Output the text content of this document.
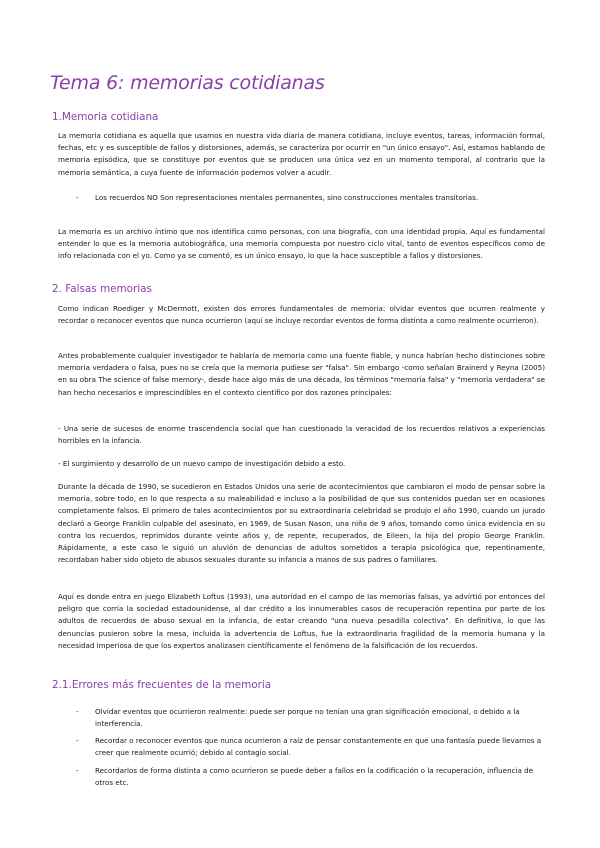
Tema 6: memorias cotidianas
1.Memoria cotidiana

La memoria cotidiana es aquella que usamos en nuestra vida diaria de manera cotidiana, incluye eventos, tareas, información formal, fechas, etc y es susceptible de fallos y distorsiones, además, se caracteriza por ocurrir en "un único ensayo". Así, estamos hablando de memoria episódica, que se constituye por eventos que se producen una única vez en un momento temporal, al contrario que la memoria semántica, a cuya fuente de información podemos volver a acudir.

- Los recuerdos NO Son representaciones mentales permanentes, sino construcciones mentales transitorias.

La memoria es un archivo íntimo que nos identifica como personas, con una biografía, con una identidad propia. Aquí es fundamental entender lo que es la memoria autobiográfica, una memoria compuesta por nuestro ciclo vital, tanto de eventos específicos como de info relacionada con el yo. Como ya se comentó, es un único ensayo, lo que la hace susceptible a fallos y distorsiones.

2. Falsas memorias

Como indican Roediger y McDermott, existen dos errores fundamentales de memoria: olvidar eventos que ocurren realmente y recordar o reconocer eventos que nunca ocurrieron (aquí se incluye recordar eventos de forma distinta a como realmente ocurrieron).

Antes probablemente cualquier investigador te hablaría de memoria como una fuente fiable, y nunca habrían hecho distinciones sobre memoria verdadera o falsa, pues no se creía que la memoria pudiese ser "falsa". Sin embargo -como señalan Brainerd y Reyna (2005) en su obra The science of false memory-, desde hace algo más de una década, los términos "memoria falsa" y "memoria verdadera" se han hecho necesarios e imprescindibles en el contexto científico por dos razones principales:

- Una serie de sucesos de enorme trascendencia social que han cuestionado la veracidad de los recuerdos relativos a experiencias horribles en la infancia.

- El surgimiento y desarrollo de un nuevo campo de investigación debido a esto.

Durante la década de 1990, se sucedieron en Estados Unidos una serie de acontecimientos que cambiaron el modo de pensar sobre la memoria, sobre todo, en lo que respecta a su maleabilidad e incluso a la posibilidad de que sus contenidos puedan ser en ocasiones completamente falsos. El primero de tales acontecimientos por su extraordinaria celebridad se produjo el año 1990, cuando un jurado declaró a George Franklin culpable del asesinato, en 1969, de Susan Nason, una niña de 9 años, tomando como única evidencia en su contra los recuerdos, reprimidos durante veinte años y, de repente, recuperados, de Eileen, la hija del propio George Franklin. Rápidamente, a este caso le siguió un aluvión de denuncias de adultos sometidos a terapia psicológica que, repentinamente, recordaban haber sido objeto de abusos sexuales durante su infancia a manos de sus padres o familiares.

Aquí es donde entra en juego Elizabeth Loftus (1993), una autoridad en el campo de las memorias falsas, ya advirtió por entonces del peligro que corría la sociedad estadounidense, al dar crédito a los innumerables casos de recuperación repentina por parte de los adultos de recuerdos de abuso sexual en la infancia, de estar creando "una nueva pesadilla colectiva". En definitiva, lo que las denuncias pusieron sobre la mesa, incluida la advertencia de Loftus, fue la extraordinaria fragilidad de la memoria humana y la necesidad imperiosa de que los expertos analizasen científicamente el fenómeno de la falsificación de los recuerdos.

2.1.Errores más frecuentes de la memoria
- Olvidar eventos que ocurrieron realmente: puede ser porque no tenían una gran significación emocional, o debido a la interferencia.
- Recordar o reconocer eventos que nunca ocurrieron a raíz de pensar constantemente en que una fantasía puede llevarnos a creer que realmente ocurrió; debido al contagio social.
- Recordarlos de forma distinta a como ocurrieron se puede deber a fallos en la codificación o la recuperación, influencia de otros etc.
